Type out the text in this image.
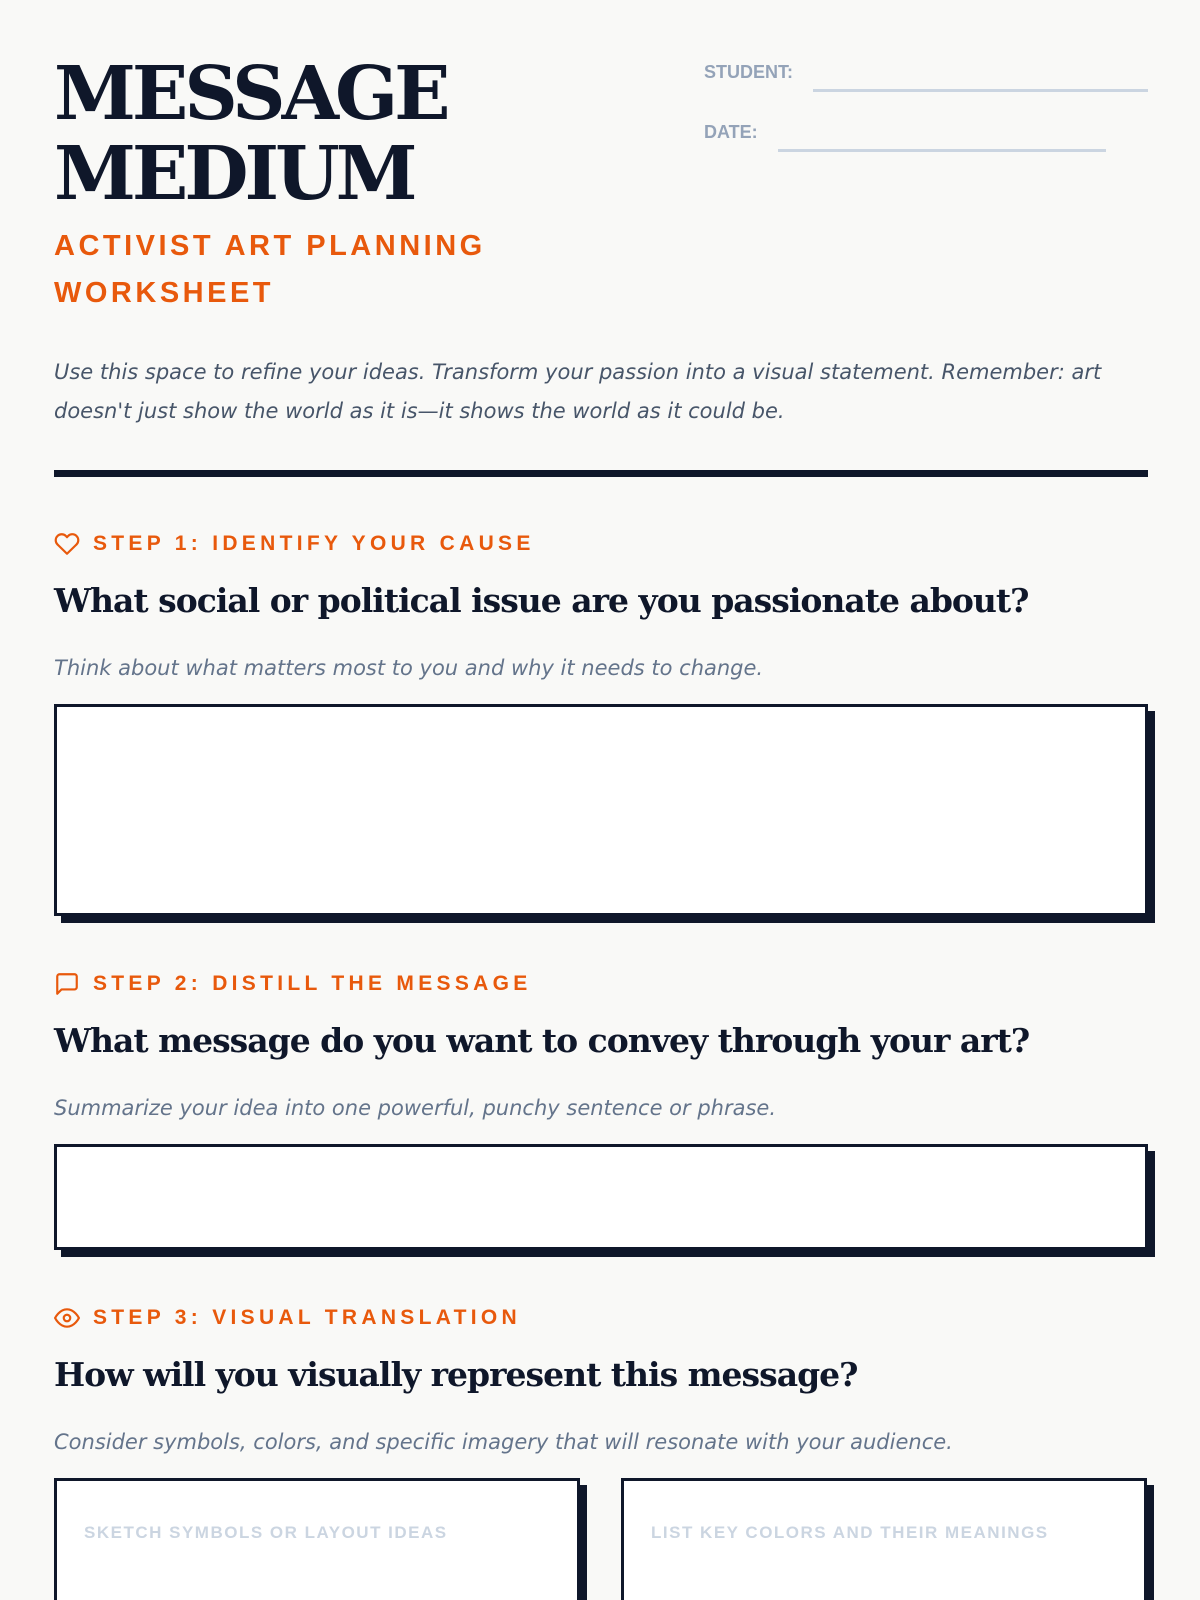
MESSAGE
MEDIUM
ACTIVIST ART PLANNING WORKSHEET
STUDENT:
DATE:

Use this space to refine your ideas. Transform your passion into a visual statement. Remember: art doesn't just show the world as it is—it shows the world as it could be.

STEP 1: IDENTIFY YOUR CAUSE
What social or political issue are you passionate about?

Think about what matters most to you and why it needs to change.

STEP 2: DISTILL THE MESSAGE
What message do you want to convey through your art?

Summarize your idea into one powerful, punchy sentence or phrase.

STEP 3: VISUAL TRANSLATION
How will you visually represent this message?

Consider symbols, colors, and specific imagery that will resonate with your audience.

SKETCH SYMBOLS OR LAYOUT IDEAS	LIST KEY COLORS AND THEIR MEANINGS
